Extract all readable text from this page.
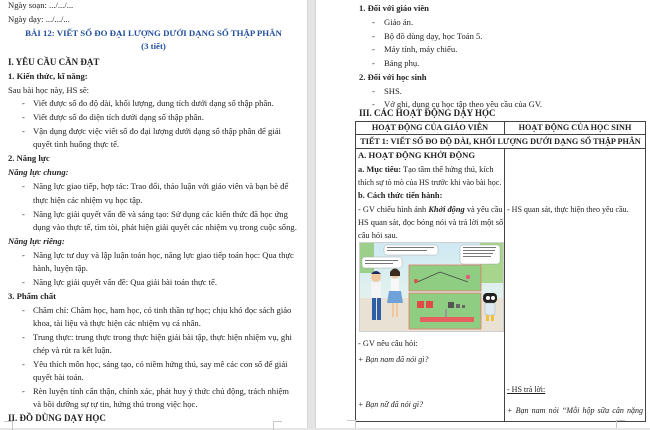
Ngày soạn: .../.../...
Ngày dạy: .../.../...
BÀI 12: VIẾT SỐ ĐO ĐẠI LƯỢNG DƯỚI DẠNG SỐ THẬP PHÂN
(3 tiết)
I. YÊU CẦU CẦN ĐẠT
1. Kiến thức, kĩ năng:
Sau bài học này, HS sẽ:
- Viết được số đo độ dài, khối lượng, dung tích dưới dạng số thập phân.
- Viết được số đo diện tích dưới dạng số thập phân.
- Vận dụng được việc viết số đo đại lượng dưới dạng số thập phân để giải
quyết tình huống thực tế.
2. Năng lực
Năng lực chung:
- Năng lực giao tiếp, hợp tác: Trao đổi, thảo luận với giáo viên và bạn bè để
thực hiện các nhiệm vụ học tập.
- Năng lực giải quyết vấn đề và sáng tạo: Sử dụng các kiến thức đã học ứng
dụng vào thực tế, tìm tòi, phát hiện giải quyết các nhiệm vụ trong cuộc sống.
Năng lực riêng:
- Năng lực tư duy và lập luận toán học, năng lực giao tiếp toán học: Qua thực
hành, luyện tập.
- Năng lực giải quyết vấn đề: Qua giải bài toán thực tế.
3. Phẩm chất
- Chăm chỉ: Chăm học, ham học, có tinh thần tự học; chịu khó đọc sách giáo
khoa, tài liệu và thực hiện các nhiệm vụ cá nhân.
- Trung thực: trung thực trong thực hiện giải bài tập, thực hiện nhiệm vụ, ghi
chép và rút ra kết luận.
- Yêu thích môn học, sáng tạo, có niềm hứng thú, say mê các con số để giải
quyết bài toán.
- Rèn luyện tính cẩn thận, chính xác, phát huy ý thức chủ động, trách nhiệm
và bồi dưỡng sự tự tin, hứng thú trong việc học.
II. ĐỒ DÙNG DẠY HỌC
1. Đối với giáo viên
- Giáo án.
- Bộ đồ dùng dạy, học Toán 5.
- Máy tính, máy chiếu.
- Bảng phụ.
2. Đối với học sinh
- SHS.
- Vở ghi, dụng cụ học tập theo yêu cầu của GV.
III. CÁC HOẠT ĐỘNG DẠY HỌC
HOẠT ĐỘNG CỦA GIÁO VIÊN	HOẠT ĐỘNG CỦA HỌC SINH
TIẾT 1: VIẾT SỐ ĐO ĐỘ DÀI, KHỐI LƯỢNG DƯỚI DẠNG SỐ THẬP PHÂN
A. HOẠT ĐỘNG KHỞI ĐỘNG
a. Mục tiêu: Tạo tâm thế hứng thú, kích
thích sự tò mò của HS trước khi vào bài học.
b. Cách thức tiến hành:
- GV chiếu hình ảnh Khởi động và yêu cầu
HS quan sát, đọc bóng nói và trả lời một số
câu hỏi sau.
- GV nêu câu hỏi:
+ Bạn nam đã nói gì?
+ Bạn nữ đã nói gì?
- HS quan sát, thực hiện theo yêu cầu.
- HS trả lời:
+ Bạn nam nói “Mỗi hộp sữa cân nặng
